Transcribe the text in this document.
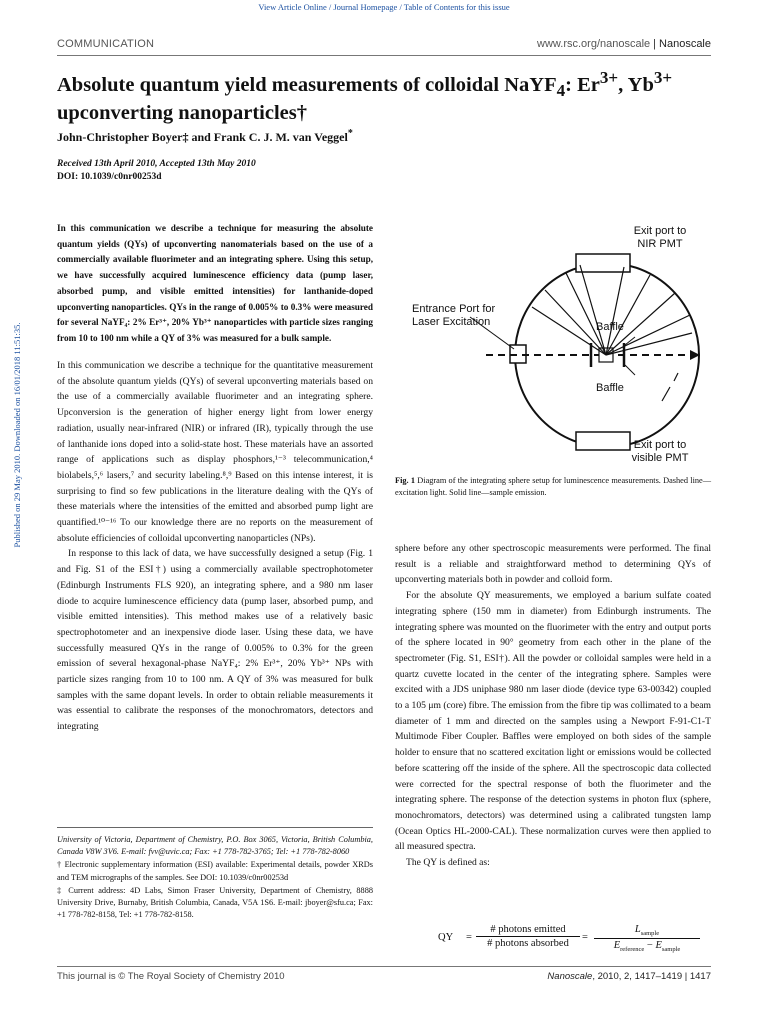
View Article Online / Journal Homepage / Table of Contents for this issue
COMMUNICATION	www.rsc.org/nanoscale | Nanoscale
Absolute quantum yield measurements of colloidal NaYF$_4$: $Er^{3+}$, $Yb^{3+}$
upconverting nanoparticles†
John-Christopher Boyer‡ and Frank C. J. M. van Veggel*
Received 13th April 2010, Accepted 13th May 2010
DOI: 10.1039/c0nr00253d
Published on 29 May 2010. Downloaded on 16/01/2018 11:51:35.
In this communication we describe a technique for measuring the absolute quantum yields (QYs) of upconverting nanomaterials based on the use of a commercially available fluorimeter and an integrating sphere. Using this setup, we have successfully acquired luminescence efficiency data (pump laser, absorbed pump, and visible emitted intensities) for lanthanide-doped upconverting nanoparticles. QYs in the range of 0.005% to 0.3% were measured for several NaYF₄: 2% Er³⁺, 20% Yb³⁺ nanoparticles with particle sizes ranging from 10 to 100 nm while a QY of 3% was measured for a bulk sample.

In this communication we describe a technique for the quantitative measurement of the absolute quantum yields (QYs) of several upconverting materials based on the use of a commercially available fluorimeter and an integrating sphere. Upconversion is the generation of higher energy light from lower energy radiation, usually near-infrared (NIR) or infrared (IR), typically through the use of lanthanide ions doped into a solid-state host. These materials have an assorted range of applications such as display phosphors,¹⁻³ telecommunication,⁴ biolabels,⁵,⁶ lasers,⁷ and security labeling.⁸,⁹ Based on this intense interest, it is surprising to find so few publications in the literature dealing with the QYs of these materials where the intensities of the emitted and absorbed pump light are quantified.¹⁰⁻¹⁶ To our knowledge there are no reports on the measurement of absolute efficiencies of colloidal upconverting nanoparticles (NPs).

In response to this lack of data, we have successfully designed a setup (Fig. 1 and Fig. S1 of the ESI†) using a commercially available spectrophotometer (Edinburgh Instruments FLS 920), an integrating sphere, and a 980 nm laser diode to acquire luminescence efficiency data (pump laser, absorbed pump, and visible emitted intensities). This method makes use of a relatively basic spectrophotometer and an inexpensive diode laser. Using these data, we have successfully measured QYs in the range of 0.005% to 0.3% for the green emission of several hexagonal-phase NaYF₄: 2% Er³⁺, 20% Yb³⁺ NPs with particle sizes ranging from 10 to 100 nm. A QY of 3% was measured for bulk samples with the same dopant levels. In order to obtain reliable measurements it was essential to calibrate the responses of the monochromators, detectors and integrating

Exit port to
NIR PMT
Entrance Port for
Laser Excitation	Baffle
Baffle
Exit port to
visible PMT
Fig. 1 Diagram of the integrating sphere setup for luminescence measurements. Dashed line—excitation light. Solid line—sample emission.

sphere before any other spectroscopic measurements were performed. The final result is a reliable and straightforward method to determining QYs of upconverting materials both in powder and colloid form.

For the absolute QY measurements, we employed a barium sulfate coated integrating sphere (150 mm in diameter) from Edinburgh instruments. The integrating sphere was mounted on the fluorimeter with the entry and output ports of the sphere located in 90° geometry from each other in the plane of the spectrometer (Fig. S1, ESI†). All the powder or colloidal samples were held in a quartz cuvette located in the center of the integrating sphere. Samples were excited with a JDS uniphase 980 nm laser diode (device type 63-00342) coupled to a 105 μm (core) fibre. The emission from the fibre tip was collimated to a beam diameter of 1 mm and directed on the samples using a Newport F-91-C1-T Multimode Fiber Coupler. Baffles were employed on both sides of the sample holder to ensure that no scattered excitation light or emissions would be collected before scattering off the inside of the sphere. All the spectroscopic data collected were corrected for the spectral response of both the fluorimeter and the integrating sphere. The response of the detection systems in photon flux (sphere, monochromators, detectors) was determined using a calibrated tungsten lamp (Ocean Optics HL-2000-CAL). These normalization curves were then applied to all measured spectra.

The QY is defined as:

QY =
# photons emitted
# photons absorbed
=
$L_{sample}$
$E_{reference} - E_{sample}$

University of Victoria, Department of Chemistry, P.O. Box 3065, Victoria, British Columbia, Canada V8W 3V6. E-mail: fvv@uvic.ca; Fax: +1 778-782-3765; Tel: +1 778-782-8060

† Electronic supplementary information (ESI) available: Experimental details, powder XRDs and TEM micrographs of the samples. See DOI: 10.1039/c0nr00253d

‡ Current address: 4D Labs, Simon Fraser University, Department of Chemistry, 8888 University Drive, Burnaby, British Columbia, Canada, V5A 1S6. E-mail: jboyer@sfu.ca; Fax: +1 778-782-8158, Tel: +1 778-782-8158.

This journal is © The Royal Society of Chemistry 2010	Nanoscale, 2010, 2, 1417–1419 | 1417
